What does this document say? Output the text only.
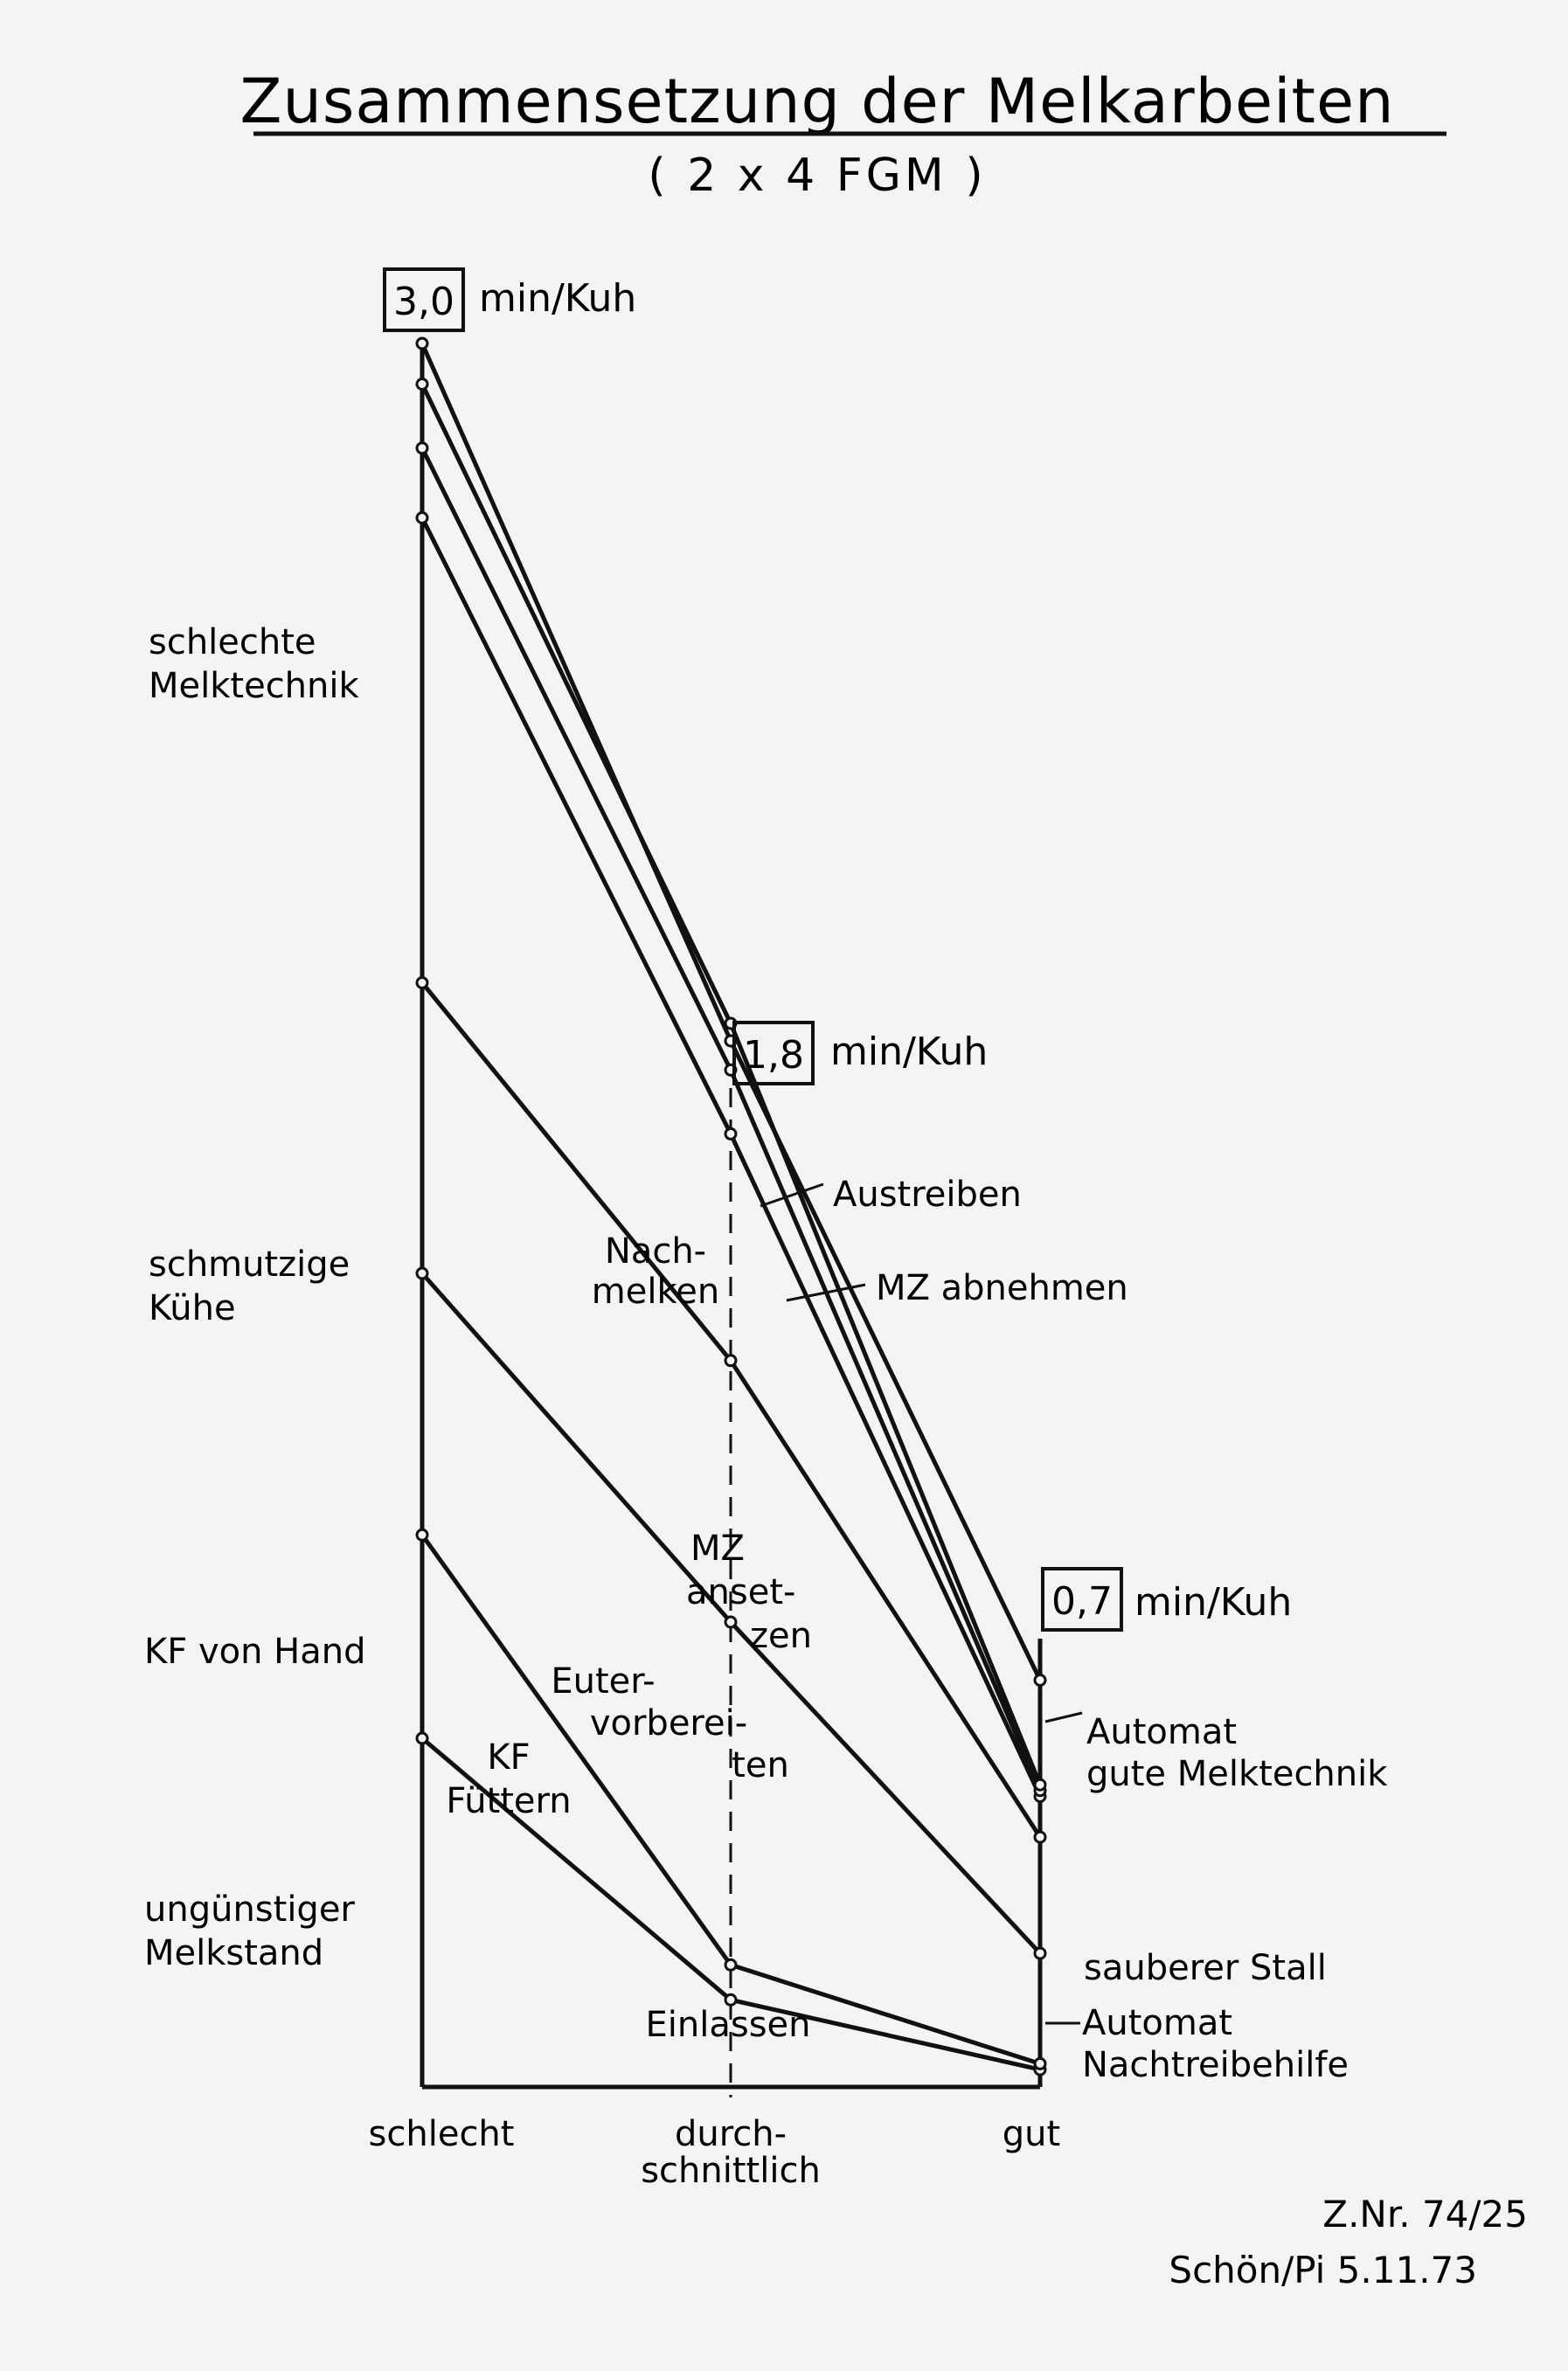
Zusammensetzung der Melkarbeiten
( 2 x 4 FGM )
schlecht	durch-schnittlich
gut
3,0 min/Kuh
1,8 min/Kuh
0,7 min/Kuh
schlechte Melktechnik
schmutzige Kühe
KF von Hand
ungünstiger Melkstand
Austreiben
MZ abnehmen
Nach-melken
MZ anset-zen
Euter-vorberei-ten
KF Füttern
Einlassen
Automat gute Melktechnik
sauberer Stall
Automat Nachtreibehilfe
Z.Nr. 74/25
Schön/Pi 5.11.73
